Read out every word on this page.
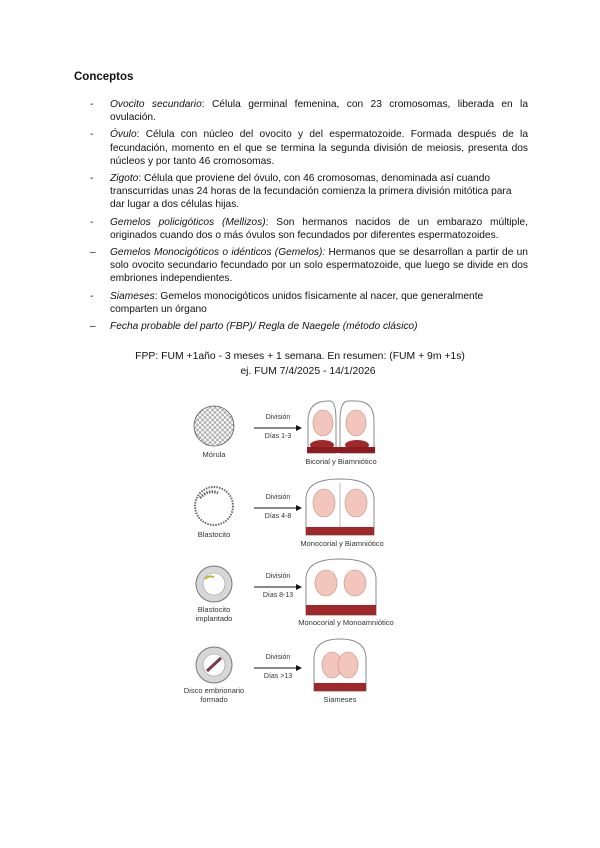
Conceptos
- Ovocito secundario: Célula germinal femenina, con 23 cromosomas, liberada en la ovulación.
- Óvulo: Célula con núcleo del ovocito y del espermatozoide. Formada después de la fecundación, momento en el que se termina la segunda división de meiosis, presenta dos núcleos y por tanto 46 cromosomas.
- Zigoto: Célula que proviene del óvulo, con 46 cromosomas, denominada así cuando transcurridas unas 24 horas de la fecundación comienza la primera división mitótica para dar lugar a dos células hijas.
- Gemelos policigóticos (Mellizos): Son hermanos nacidos de un embarazo múltiple, originados cuando dos o más óvulos son fecundados por diferentes espermatozoides.
– Gemelos Monocigóticos o idénticos (Gemelos): Hermanos que se desarrollan a partir de un solo ovocito secundario fecundado por un solo espermatozoide, que luego se divide en dos embriones independientes.
- Siameses: Gemelos monocigóticos unidos físicamente al nacer, que generalmente comparten un órgano
– Fecha probable del parto (FBP)/ Regla de Naegele (método clásico)

FPP: FUM +1año - 3 meses + 1 semana. En resumen: (FUM + 9m +1s)

ej. FUM 7/4/2025 - 14/1/2026

Mórula
División
Días 1-3
Bicorial y Biamniótico
Blastocito
División
Días 4-8
Monocorial y Biamniótico
Blastocito implantado
División
Días 8-13
Monocorial y Monoamniótico
Disco embrionario formado
División
Días >13
Siameses
